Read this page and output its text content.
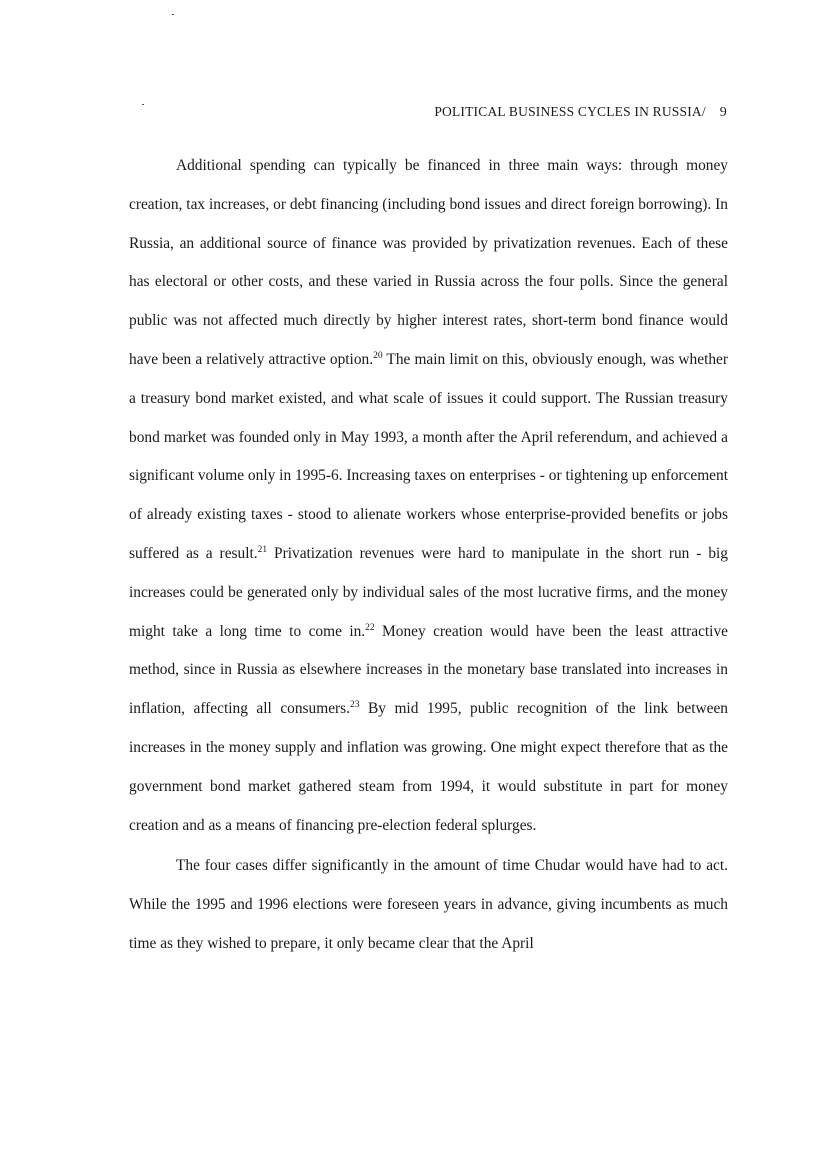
POLITICAL BUSINESS CYCLES IN RUSSIA/ 9

Additional spending can typically be financed in three main ways: through money creation, tax increases, or debt financing (including bond issues and direct foreign borrowing). In Russia, an additional source of finance was provided by privatization revenues. Each of these has electoral or other costs, and these varied in Russia across the four polls. Since the general public was not affected much directly by higher interest rates, short-term bond finance would have been a relatively attractive option.$^{20}$ The main limit on this, obviously enough, was whether a treasury bond market existed, and what scale of issues it could support. The Russian treasury bond market was founded only in May 1993, a month after the April referendum, and achieved a significant volume only in 1995-6. Increasing taxes on enterprises - or tightening up enforcement of already existing taxes - stood to alienate workers whose enterprise-provided benefits or jobs suffered as a result.$^{21}$ Privatization revenues were hard to manipulate in the short run - big increases could be generated only by individual sales of the most lucrative firms, and the money might take a long time to come in.$^{22}$ Money creation would have been the least attractive method, since in Russia as elsewhere increases in the monetary base translated into increases in inflation, affecting all consumers.$^{23}$ By mid 1995, public recognition of the link between increases in the money supply and inflation was growing. One might expect therefore that as the government bond market gathered steam from 1994, it would substitute in part for money creation and as a means of financing pre-election federal splurges.

The four cases differ significantly in the amount of time Chudar would have had to act. While the 1995 and 1996 elections were foreseen years in advance, giving incumbents as much time as they wished to prepare, it only became clear that the April
